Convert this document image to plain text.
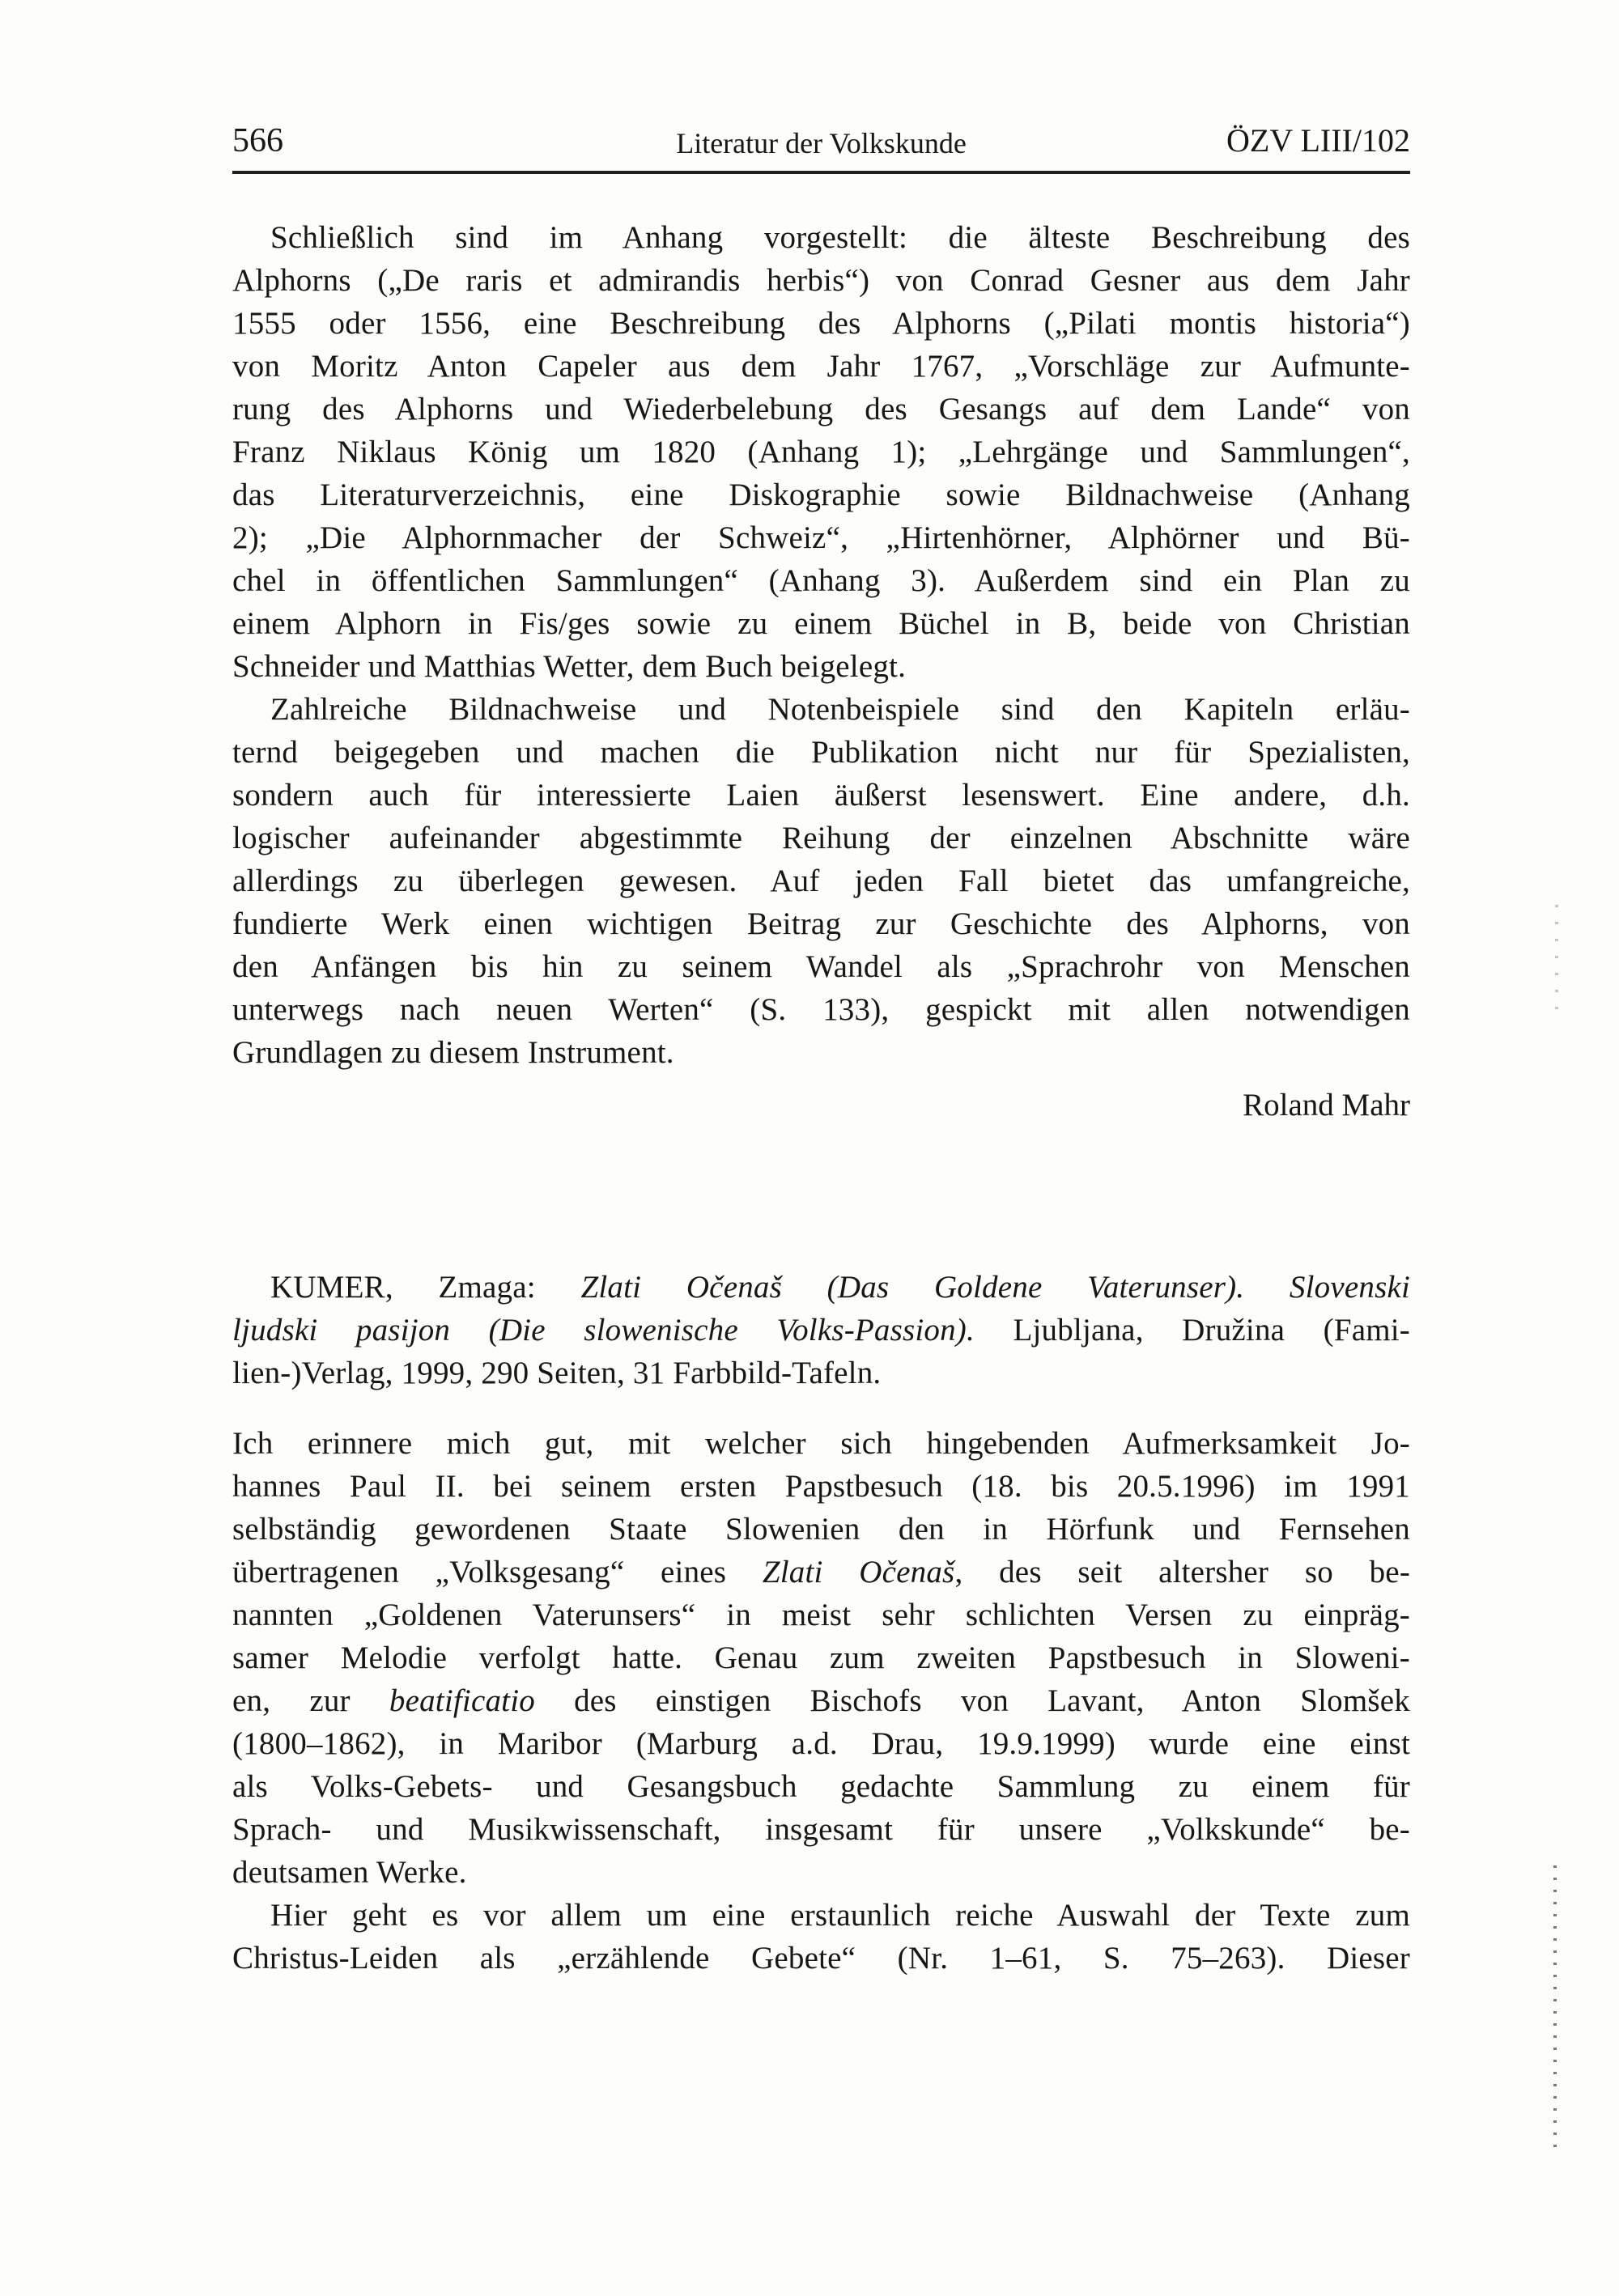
566	Literatur der Volkskunde	ÖZV LIII/102
Schließlich sind im Anhang vorgestellt: die älteste Beschreibung des
Alphorns („De raris et admirandis herbis“) von Conrad Gesner aus dem Jahr
1555 oder 1556, eine Beschreibung des Alphorns („Pilati montis historia“)
von Moritz Anton Capeler aus dem Jahr 1767, „Vorschläge zur Aufmunte-
rung des Alphorns und Wiederbelebung des Gesangs auf dem Lande“ von
Franz Niklaus König um 1820 (Anhang 1); „Lehrgänge und Sammlungen“,
das Literaturverzeichnis, eine Diskographie sowie Bildnachweise (Anhang
2); „Die Alphornmacher der Schweiz“, „Hirtenhörner, Alphörner und Bü-
chel in öffentlichen Sammlungen“ (Anhang 3). Außerdem sind ein Plan zu
einem Alphorn in Fis/ges sowie zu einem Büchel in B, beide von Christian
Schneider und Matthias Wetter, dem Buch beigelegt.
Zahlreiche Bildnachweise und Notenbeispiele sind den Kapiteln erläu-
ternd beigegeben und machen die Publikation nicht nur für Spezialisten,
sondern auch für interessierte Laien äußerst lesenswert. Eine andere, d.h.
logischer aufeinander abgestimmte Reihung der einzelnen Abschnitte wäre
allerdings zu überlegen gewesen. Auf jeden Fall bietet das umfangreiche,
fundierte Werk einen wichtigen Beitrag zur Geschichte des Alphorns, von
den Anfängen bis hin zu seinem Wandel als „Sprachrohr von Menschen
unterwegs nach neuen Werten“ (S. 133), gespickt mit allen notwendigen
Grundlagen zu diesem Instrument.
Roland Mahr
KUMER, Zmaga: Zlati Očenaš (Das Goldene Vaterunser). Slovenski
ljudski pasijon (Die slowenische Volks-Passion). Ljubljana, Družina (Fami-
lien-)Verlag, 1999, 290 Seiten, 31 Farbbild-Tafeln.
Ich erinnere mich gut, mit welcher sich hingebenden Aufmerksamkeit Jo-
hannes Paul II. bei seinem ersten Papstbesuch (18. bis 20.5.1996) im 1991
selbständig gewordenen Staate Slowenien den in Hörfunk und Fernsehen
übertragenen „Volksgesang“ eines Zlati Očenaš, des seit altersher so be-
nannten „Goldenen Vaterunsers“ in meist sehr schlichten Versen zu einpräg-
samer Melodie verfolgt hatte. Genau zum zweiten Papstbesuch in Sloweni-
en, zur beatificatio des einstigen Bischofs von Lavant, Anton Slomšek
(1800–1862), in Maribor (Marburg a.d. Drau, 19.9.1999) wurde eine einst
als Volks-Gebets- und Gesangsbuch gedachte Sammlung zu einem für
Sprach- und Musikwissenschaft, insgesamt für unsere „Volkskunde“ be-
deutsamen Werke.
Hier geht es vor allem um eine erstaunlich reiche Auswahl der Texte zum
Christus-Leiden als „erzählende Gebete“ (Nr. 1–61, S. 75–263). Dieser
